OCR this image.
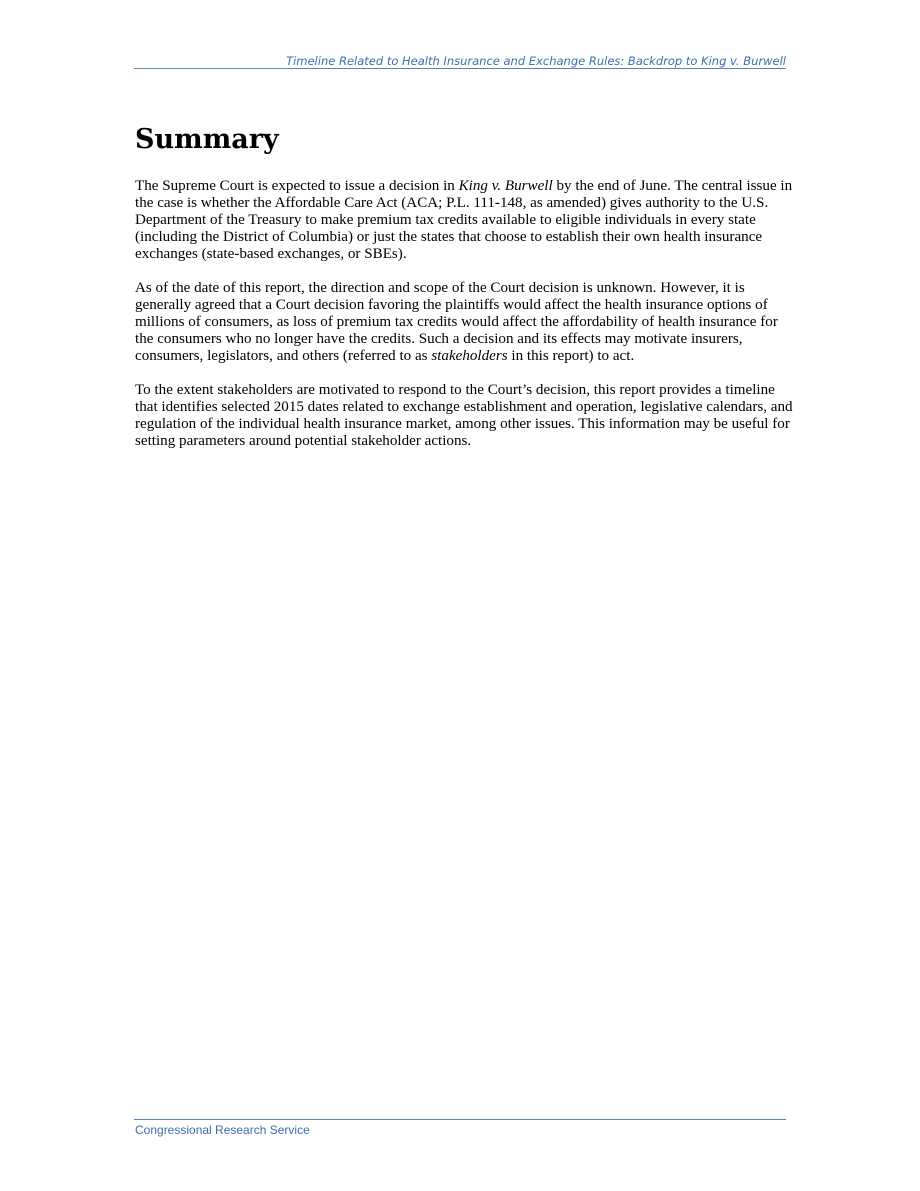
Timeline Related to Health Insurance and Exchange Rules: Backdrop to King v. Burwell
Summary

The Supreme Court is expected to issue a decision in King v. Burwell by the end of June. The central issue in the case is whether the Affordable Care Act (ACA; P.L. 111-148, as amended) gives authority to the U.S. Department of the Treasury to make premium tax credits available to eligible individuals in every state (including the District of Columbia) or just the states that choose to establish their own health insurance exchanges (state-based exchanges, or SBEs).

As of the date of this report, the direction and scope of the Court decision is unknown. However, it is generally agreed that a Court decision favoring the plaintiffs would affect the health insurance options of millions of consumers, as loss of premium tax credits would affect the affordability of health insurance for the consumers who no longer have the credits. Such a decision and its effects may motivate insurers, consumers, legislators, and others (referred to as stakeholders in this report) to act.

To the extent stakeholders are motivated to respond to the Court’s decision, this report provides a timeline that identifies selected 2015 dates related to exchange establishment and operation, legislative calendars, and regulation of the individual health insurance market, among other issues. This information may be useful for setting parameters around potential stakeholder actions.

Congressional Research Service
